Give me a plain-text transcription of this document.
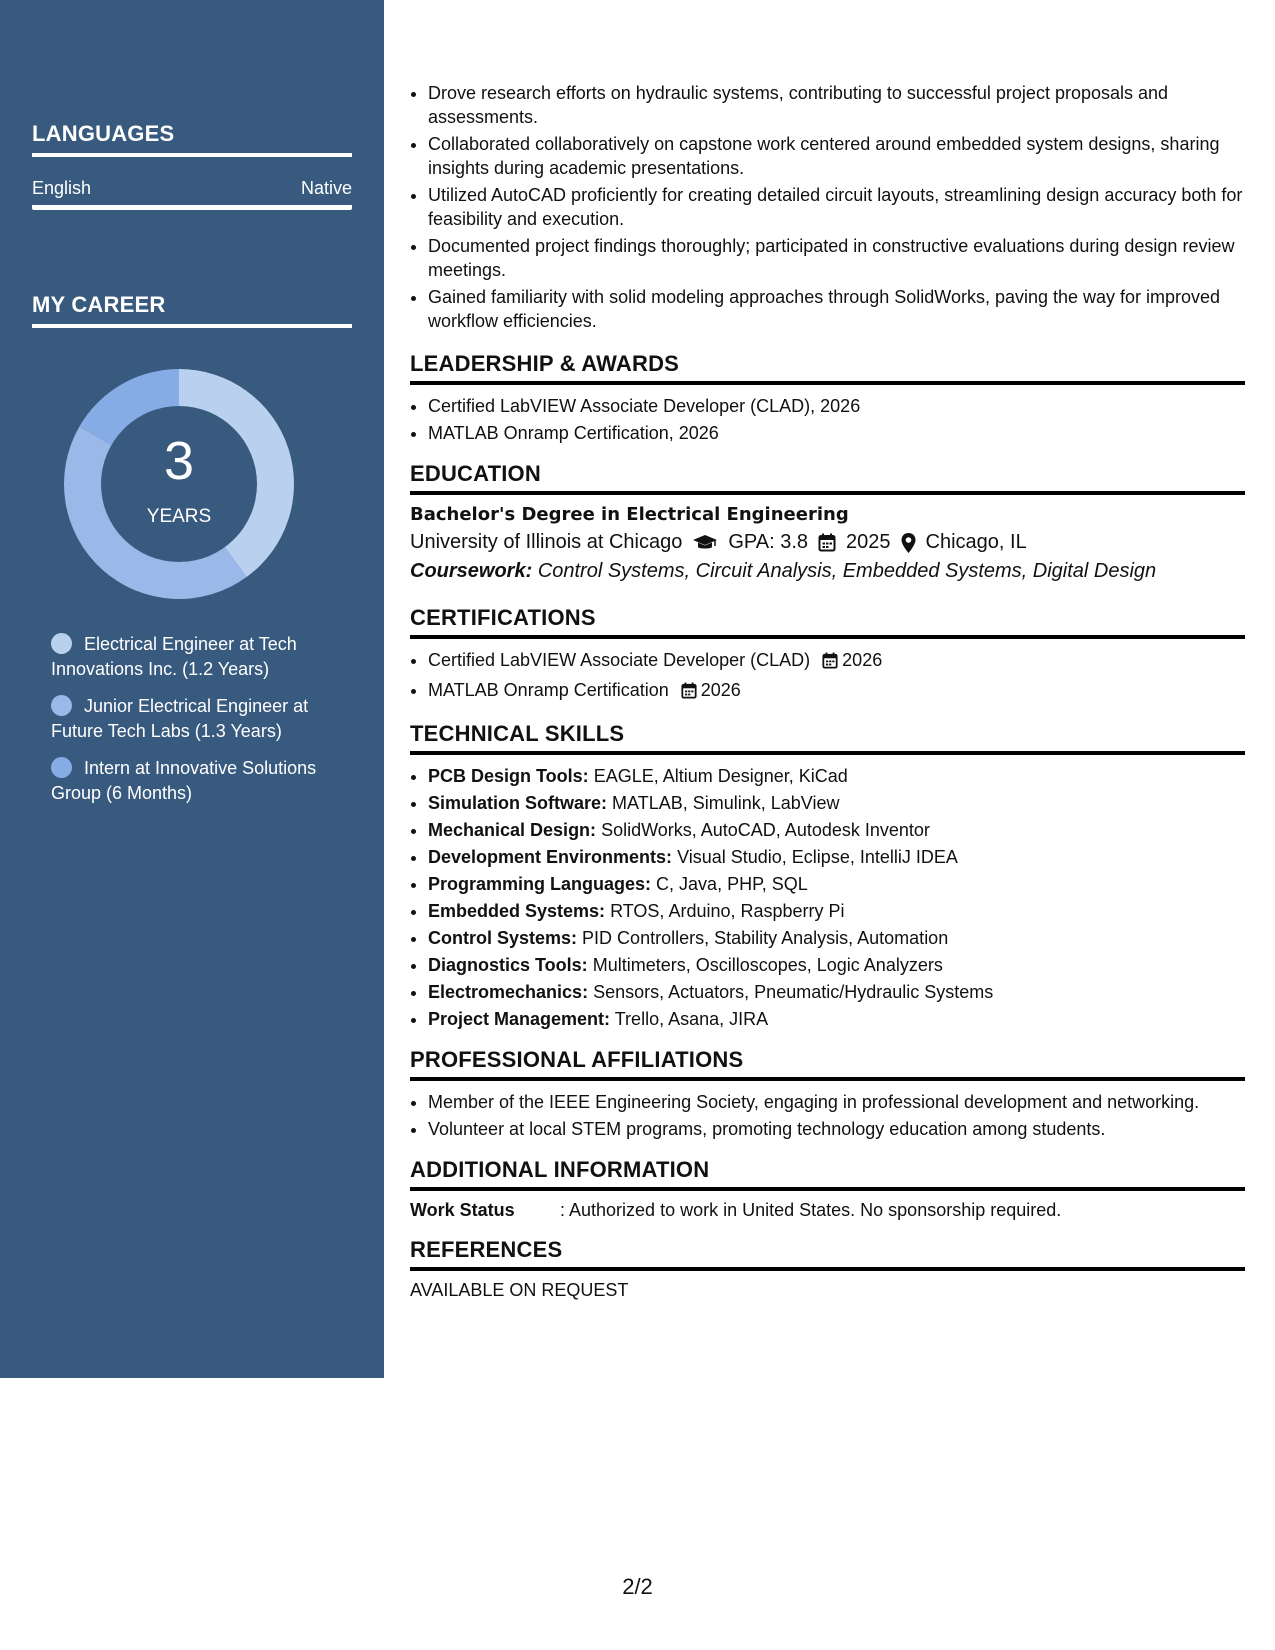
LANGUAGES
English	Native
MY CAREER
3
YEARS
Electrical Engineer at Tech Innovations Inc. (1.2 Years)
Junior Electrical Engineer at Future Tech Labs (1.3 Years)
Intern at Innovative Solutions Group (6 Months)
• Drove research efforts on hydraulic systems, contributing to successful project proposals and assessments.
• Collaborated collaboratively on capstone work centered around embedded system designs, sharing insights during academic presentations.
• Utilized AutoCAD proficiently for creating detailed circuit layouts, streamlining design accuracy both for feasibility and execution.
• Documented project findings thoroughly; participated in constructive evaluations during design review meetings.
• Gained familiarity with solid modeling approaches through SolidWorks, paving the way for improved workflow efficiencies.
LEADERSHIP & AWARDS
• Certified LabVIEW Associate Developer (CLAD), 2026
• MATLAB Onramp Certification, 2026
EDUCATION
Bachelor's Degree in Electrical Engineering
University of Illinois at Chicago GPA: 3.8 2025 Chicago, IL
Coursework: Control Systems, Circuit Analysis, Embedded Systems, Digital Design
CERTIFICATIONS
• Certified LabVIEW Associate Developer (CLAD) 2026
• MATLAB Onramp Certification 2026
TECHNICAL SKILLS
• PCB Design Tools: EAGLE, Altium Designer, KiCad
• Simulation Software: MATLAB, Simulink, LabView
• Mechanical Design: SolidWorks, AutoCAD, Autodesk Inventor
• Development Environments: Visual Studio, Eclipse, IntelliJ IDEA
• Programming Languages: C, Java, PHP, SQL
• Embedded Systems: RTOS, Arduino, Raspberry Pi
• Control Systems: PID Controllers, Stability Analysis, Automation
• Diagnostics Tools: Multimeters, Oscilloscopes, Logic Analyzers
• Electromechanics: Sensors, Actuators, Pneumatic/Hydraulic Systems
• Project Management: Trello, Asana, JIRA
PROFESSIONAL AFFILIATIONS
• Member of the IEEE Engineering Society, engaging in professional development and networking.
• Volunteer at local STEM programs, promoting technology education among students.
ADDITIONAL INFORMATION
Work Status	: Authorized to work in United States. No sponsorship required.
REFERENCES
AVAILABLE ON REQUEST
2/2
